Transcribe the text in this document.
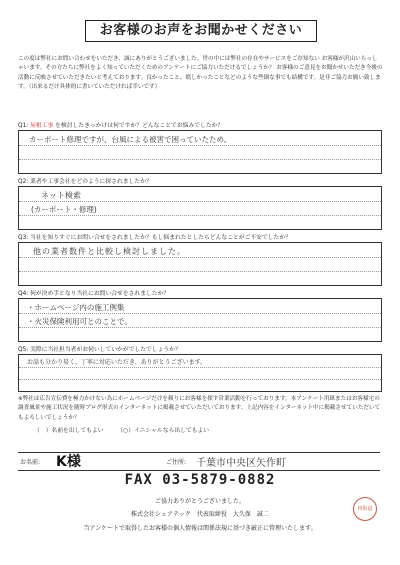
お客様のお声をお聞かせください
この度は弊社にお問い合わせをいただき、誠にありがとうございました。世の中には弊社の存在やサービスをご存知ない お客様が沢山いらっしゃいます。その方たちに弊社をよく知っていただくためのアンケートにご協力いただけるでしょうか？ お客様のご意見をお聞かせいただき今後の活動に反映させていただきたいと考えております。良かったこと、嬉しかったことなどのような些細な事でも結構です。是非ご協力お願い致します。（出来るだけ具体的に書いていただければ幸いです）
Q1: 屋根工事 を検討したきっかけは何ですか？どんなことでお悩みでしたか？
カーポート修理ですが、台風による被害で困っていたため。
Q2: 業者や工事会社をどのように探されましたか？
ネット検索
(カーポート・修理)
Q3: 当社を知りすぐにお問い合せをされましたか？もし悩まれたとしたらどんなことがご不安でしたか？
他の業者数件と比較し検討しました。
Q4: 何が決め手となり当社にお問い合せをされましたか？
・ホームページ内の施工例集
・火災保険利用可とのことで。
Q5: 実際に当社担当者がお伺いしていかがでしたでしょうか？
お話も分かり易く、丁寧に対応いただき、ありがとうございます。
※弊社は広告宣伝費を極力かけない為にホームページだけを頼りにお客様を探す営業活動を行っております。本アンケート用紙またはお客様宅の調査風景や施工状況を随時ブログ形式のインターネットに掲載させていただいております。上記内容をインターネット中に掲載させていただいてもよろしいでしょうか？
（　）名前を出してもよい （○）イニシャルなら出してもよい
お名前: K様	ご住所: 千葉市中央区矢作町
FAX 03-5879-0882
ご協力ありがとうございました。
株式会社シェアテック　代表取締役　大久保　誠二
当アンケートで取得したお客様の個人情報は関係法規に基づき厳正に管理いたします。
四街道
